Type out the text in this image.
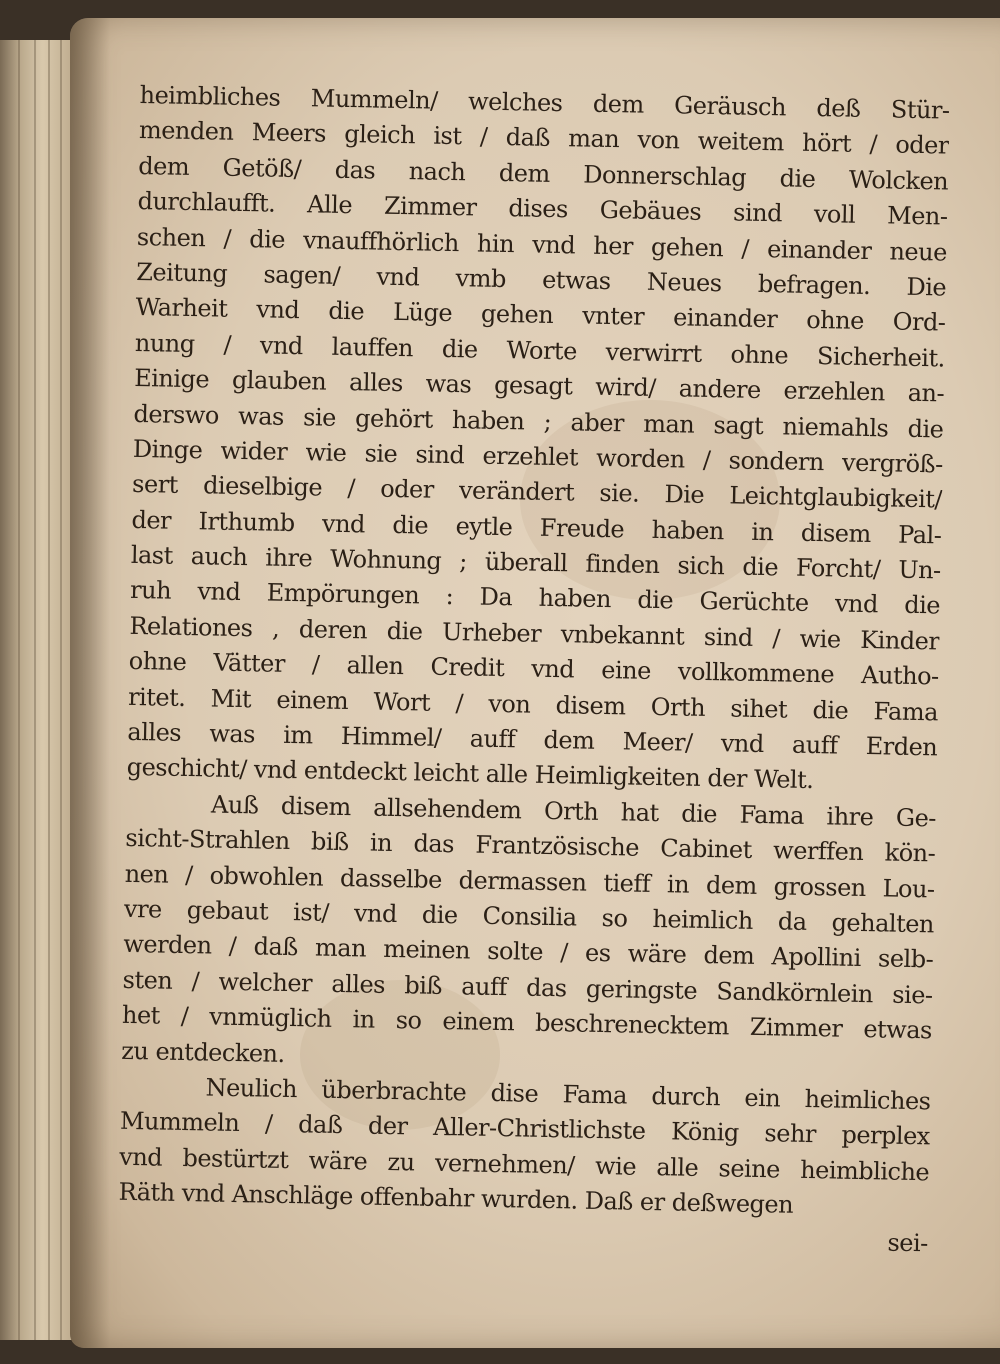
heimbliches Mummeln/ welches dem Geräusch deß Stür-
menden Meers gleich ist / daß man von weitem hört / oder
dem Getöß/ das nach dem Donnerschlag die Wolcken
durchlaufft. Alle Zimmer dises Gebäues sind voll Men-
schen / die vnauffhörlich hin vnd her gehen / einander neue
Zeitung sagen/ vnd vmb etwas Neues befragen. Die
Warheit vnd die Lüge gehen vnter einander ohne Ord-
nung / vnd lauffen die Worte verwirrt ohne Sicherheit.
Einige glauben alles was gesagt wird/ andere erzehlen an-
derswo was sie gehört haben ; aber man sagt niemahls die
Dinge wider wie sie sind erzehlet worden / sondern vergröß-
sert dieselbige / oder verändert sie. Die Leichtglaubigkeit/
der Irthumb vnd die eytle Freude haben in disem Pal-
last auch ihre Wohnung ; überall finden sich die Forcht/ Un-
ruh vnd Empörungen : Da haben die Gerüchte vnd die
Relationes , deren die Urheber vnbekannt sind / wie Kinder
ohne Vätter / allen Credit vnd eine vollkommene Autho-
ritet. Mit einem Wort / von disem Orth sihet die Fama
alles was im Himmel/ auff dem Meer/ vnd auff Erden
geschicht/ vnd entdeckt leicht alle Heimligkeiten der Welt.
Auß disem allsehendem Orth hat die Fama ihre Ge-
sicht-Strahlen biß in das Frantzösische Cabinet werffen kön-
nen / obwohlen dasselbe dermassen tieff in dem grossen Lou-
vre gebaut ist/ vnd die Consilia so heimlich da gehalten
werden / daß man meinen solte / es wäre dem Apollini selb-
sten / welcher alles biß auff das geringste Sandkörnlein sie-
het / vnmüglich in so einem beschrenecktem Zimmer etwas
zu entdecken.
Neulich überbrachte dise Fama durch ein heimliches
Mummeln / daß der Aller-Christlichste König sehr perplex
vnd bestürtzt wäre zu vernehmen/ wie alle seine heimbliche
Räth vnd Anschläge offenbahr wurden. Daß er deßwegen
sei-
